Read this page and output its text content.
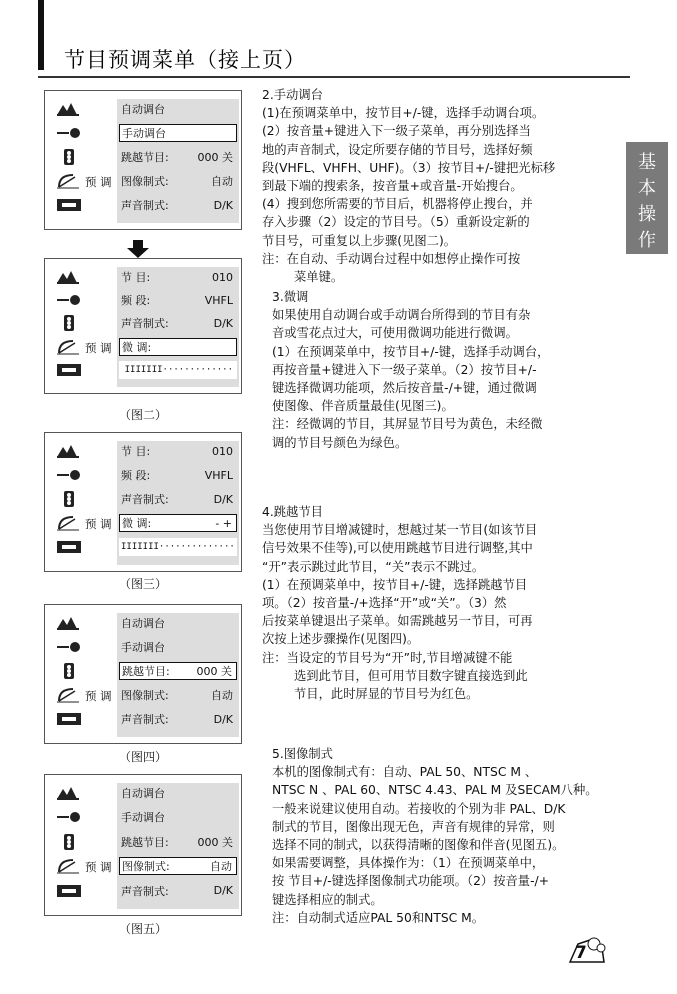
节目预调菜单（接上页）
基
本
操
作
预 调
自动调台
手动调台
跳越节目:	000 关
图像制式:	自动
声音制式:	D/K
预 调
节 目:	010
频 段:	VHFL
声音制式:	D/K
微 调:
IIIIIII·············
（图二）
预 调
节 目:	010
频 段:	VHFL
声音制式:	D/K
微 调:	- +
IIIIIII··············
（图三）
预 调
自动调台
手动调台
跳越节目:	000 关
图像制式:	自动
声音制式:	D/K
（图四）
预 调
自动调台
手动调台
跳越节目:	000 关
图像制式:	自动
声音制式:	D/K
（图五）

2.手动调台

(1)在预调菜单中，按节目+/-键，选择手动调台项。

(2）按音量+键进入下一级子菜单，再分别选择当

地的声音制式，设定所要存储的节目号，选择好频

段(VHFL、VHFH、UHF)。（3）按节目+/-键把光标移

到最下端的搜索条，按音量+或音量-开始搜台。

(4）搜到您所需要的节目后，机器将停止搜台，并

存入步骤（2）设定的节目号。（5）重新设定新的

节目号，可重复以上步骤(见图二)。

注：在自动、手动调台过程中如想停止操作可按

菜单键。

3.微调

如果使用自动调台或手动调台所得到的节目有杂

音或雪花点过大，可使用微调功能进行微调。

(1）在预调菜单中，按节目+/-键，选择手动调台，

再按音量+键进入下一级子菜单。（2）按节目+/-

键选择微调功能项，然后按音量-/+键，通过微调

使图像、伴音质量最佳(见图三)。

注：经微调的节目，其屏显节目号为黄色，未经微

调的节目号颜色为绿色。

4.跳越节目

当您使用节目增减键时，想越过某一节目(如该节目

信号效果不佳等),可以使用跳越节目进行调整,其中

“开”表示跳过此节目，“关”表示不跳过。

(1）在预调菜单中，按节目+/-键，选择跳越节目

项。（2）按音量-/+选择“开”或“关”。（3）然

后按菜单键退出子菜单。如需跳越另一节目，可再

次按上述步骤操作(见图四)。

注：当设定的节目号为“开”时,节目增减键不能

选到此节目，但可用节目数字键直接选到此

节目，此时屏显的节目号为红色。

5.图像制式

本机的图像制式有：自动、PAL 50、NTSC M 、

NTSC N 、PAL 60、NTSC 4.43、PAL M 及SECAM八种。

一般来说建议使用自动。若接收的个别为非 PAL、D/K

制式的节目，图像出现无色，声音有规律的异常，则

选择不同的制式，以获得清晰的图像和伴音(见图五)。

如果需要调整，具体操作为：（1）在预调菜单中，

按 节目+/-键选择图像制式功能项。（2）按音量-/+

键选择相应的制式。

注：自动制式适应PAL 50和NTSC M。

7
